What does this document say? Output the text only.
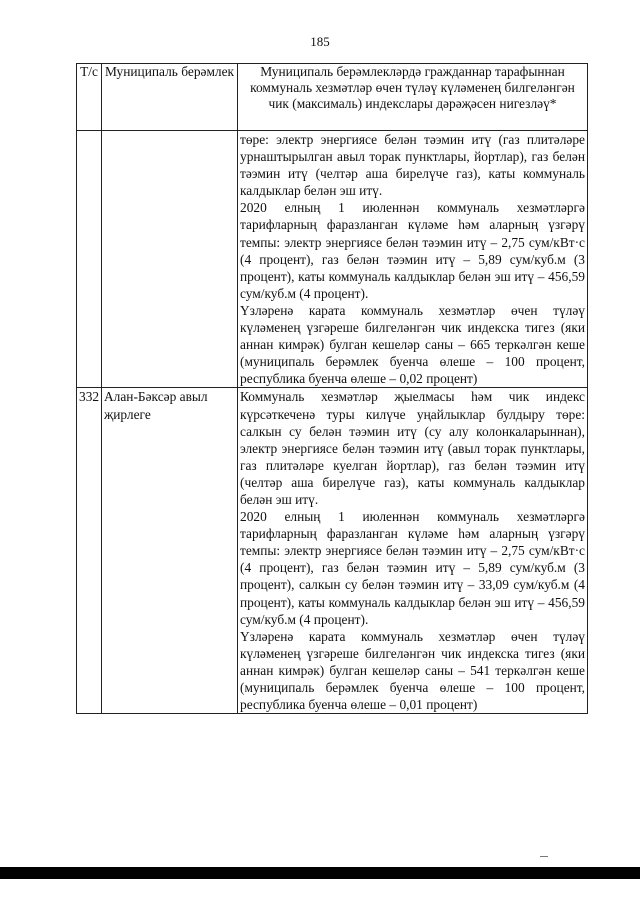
185
Т/с	Муниципаль берәмлек	Муниципаль берәмлекләрдә гражданнар тарафыннан коммуналь хезмәтләр өчен түләү күләменең билгеләнгән чик (максималь) индекслары дәрәҗәсен нигезләү*

		төре: электр энергиясе белән тәэмин итү (газ плитәләре урнаштырылган авыл торак пунктлары, йортлар), газ белән тәэмин итү (челтәр аша бирелүче газ), каты коммуналь калдыклар белән эш итү.

2020 елның 1 июленнән коммуналь хезмәтләргә тарифларның фаразланган күләме һәм аларның үзгәрү темпы: электр энергиясе белән тәэмин итү – 2,75 сум/кВт·с (4 процент), газ белән тәэмин итү – 5,89 сум/куб.м (3 процент), каты коммуналь калдыклар белән эш итү – 456,59 сум/куб.м (4 процент).

Үзләренә карата коммуналь хезмәтләр өчен түләү күләменең үзгәреше билгеләнгән чик индекска тигез (яки аннан кимрәк) булган кешеләр саны – 665 теркәлгән кеше (муниципаль берәмлек буенча өлеше – 100 процент, республика буенча өлеше – 0,02 процент)

332	Алан-Бәксәр авыл җирлеге	Коммуналь хезмәтләр җыелмасы һәм чик индекс күрсәткеченә туры килүче уңайлыклар булдыру төре: салкын су белән тәэмин итү (су алу колонкаларыннан), электр энергиясе белән тәэмин итү (авыл торак пунктлары, газ плитәләре куелган йортлар), газ белән тәэмин итү (челтәр аша бирелүче газ), каты коммуналь калдыклар белән эш итү.

2020 елның 1 июленнән коммуналь хезмәтләргә тарифларның фаразланган күләме һәм аларның үзгәрү темпы: электр энергиясе белән тәэмин итү – 2,75 сум/кВт·с (4 процент), газ белән тәэмин итү – 5,89 сум/куб.м (3 процент), салкын су белән тәэмин итү – 33,09 сум/куб.м (4 процент), каты коммуналь калдыклар белән эш итү – 456,59 сум/куб.м (4 процент).

Үзләренә карата коммуналь хезмәтләр өчен түләү күләменең үзгәреше билгеләнгән чик индекска тигез (яки аннан кимрәк) булган кешеләр саны – 541 теркәлгән кеше (муниципаль берәмлек буенча өлеше – 100 процент, республика буенча өлеше – 0,01 процент)
